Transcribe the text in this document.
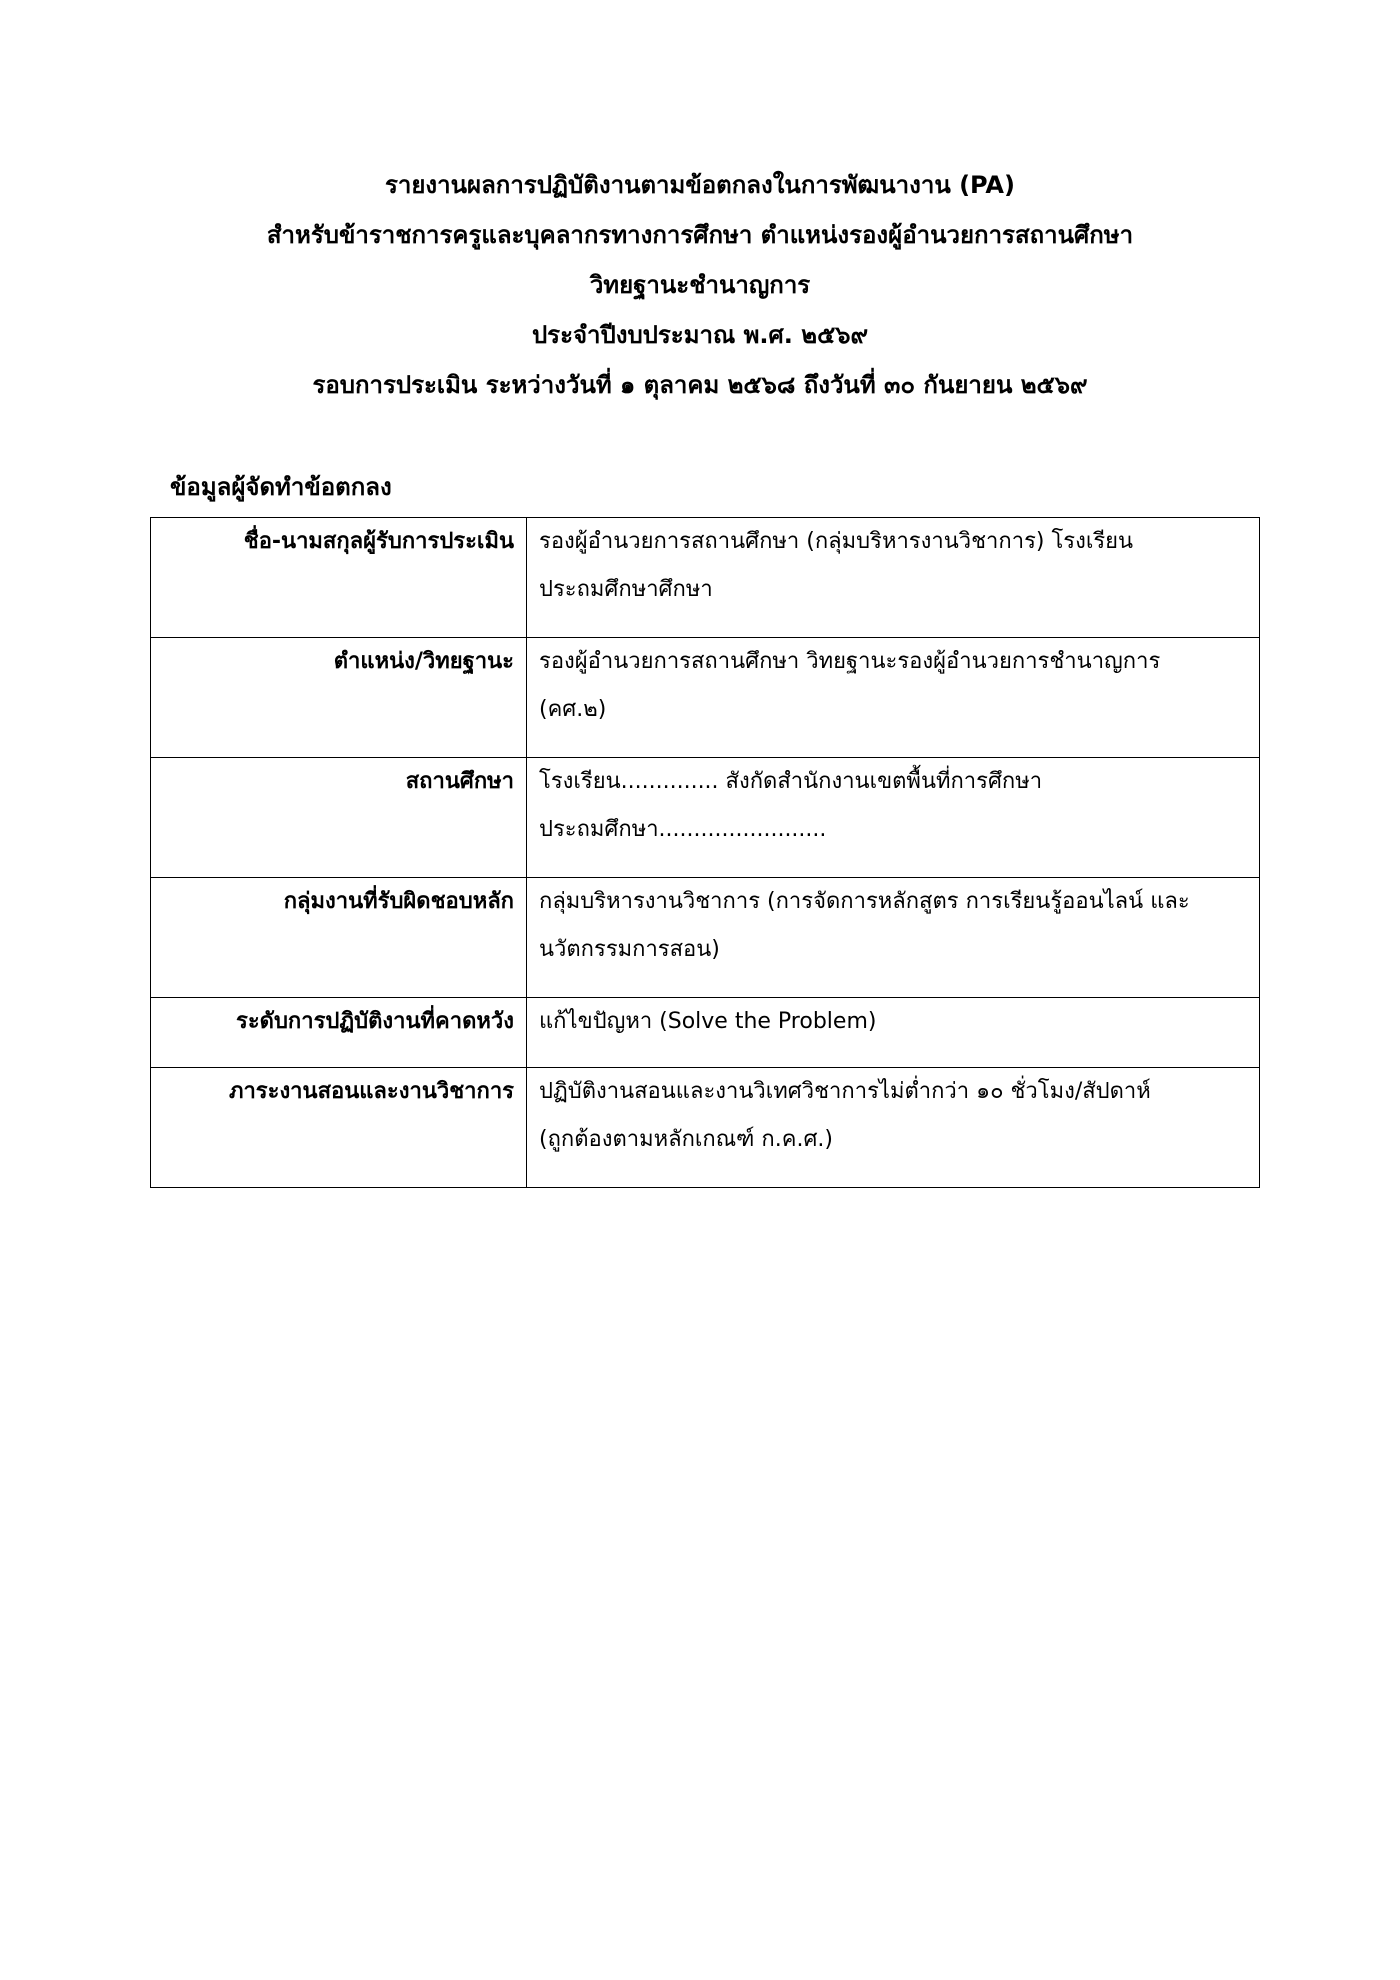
รายงานผลการปฏิบัติงานตามข้อตกลงในการพัฒนางาน (PA)
สำหรับข้าราชการครูและบุคลากรทางการศึกษา ตำแหน่งรองผู้อำนวยการสถานศึกษา
วิทยฐานะชำนาญการ
ประจำปีงบประมาณ พ.ศ. ๒๕๖๙
รอบการประเมิน ระหว่างวันที่ ๑ ตุลาคม ๒๕๖๘ ถึงวันที่ ๓๐ กันยายน ๒๕๖๙
ข้อมูลผู้จัดทำข้อตกลง
ชื่อ-นามสกุลผู้รับการประเมิน	รองผู้อำนวยการสถานศึกษา (กลุ่มบริหารงานวิชาการ) โรงเรียน
ประถมศึกษาศึกษา

ตำแหน่ง/วิทยฐานะ	รองผู้อำนวยการสถานศึกษา วิทยฐานะรองผู้อำนวยการชำนาญการ
(คศ.๒)

สถานศึกษา	โรงเรียน.............. สังกัดสำนักงานเขตพื้นที่การศึกษา
ประถมศึกษา........................

กลุ่มงานที่รับผิดชอบหลัก	กลุ่มบริหารงานวิชาการ (การจัดการหลักสูตร การเรียนรู้ออนไลน์ และ
นวัตกรรมการสอน)

ระดับการปฏิบัติงานที่คาดหวัง	แก้ไขปัญหา (Solve the Problem)

ภาระงานสอนและงานวิชาการ	ปฏิบัติงานสอนและงานวิเทศวิชาการไม่ต่ำกว่า ๑๐ ชั่วโมง/สัปดาห์
(ถูกต้องตามหลักเกณฑ์ ก.ค.ศ.)
